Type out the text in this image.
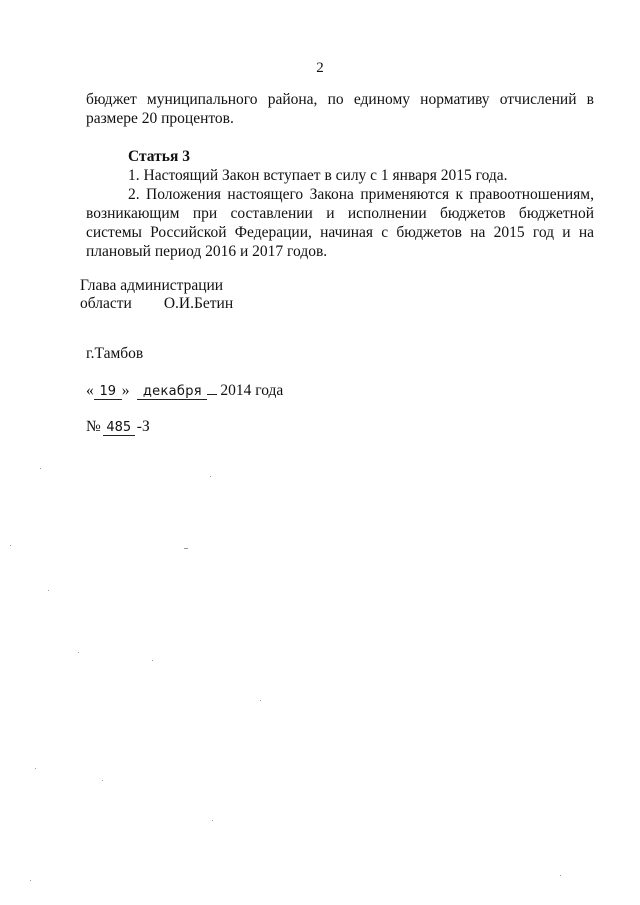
2
бюджет муниципального района, по единому нормативу отчислений в
размере 20 процентов.
Статья 3
1. Настоящий Закон вступает в силу с 1 января 2015 года.
2. Положения настоящего Закона применяются к правоотношениям, возникающим при составлении и исполнении бюджетов бюджетной системы Российской Федерации, начиная с бюджетов на 2015 год и на плановый период 2016 и 2017 годов.
Глава администрации
области О.И.Бетин
г.Тамбов
« 19 » декабря 2014 года
№ 485 -З
